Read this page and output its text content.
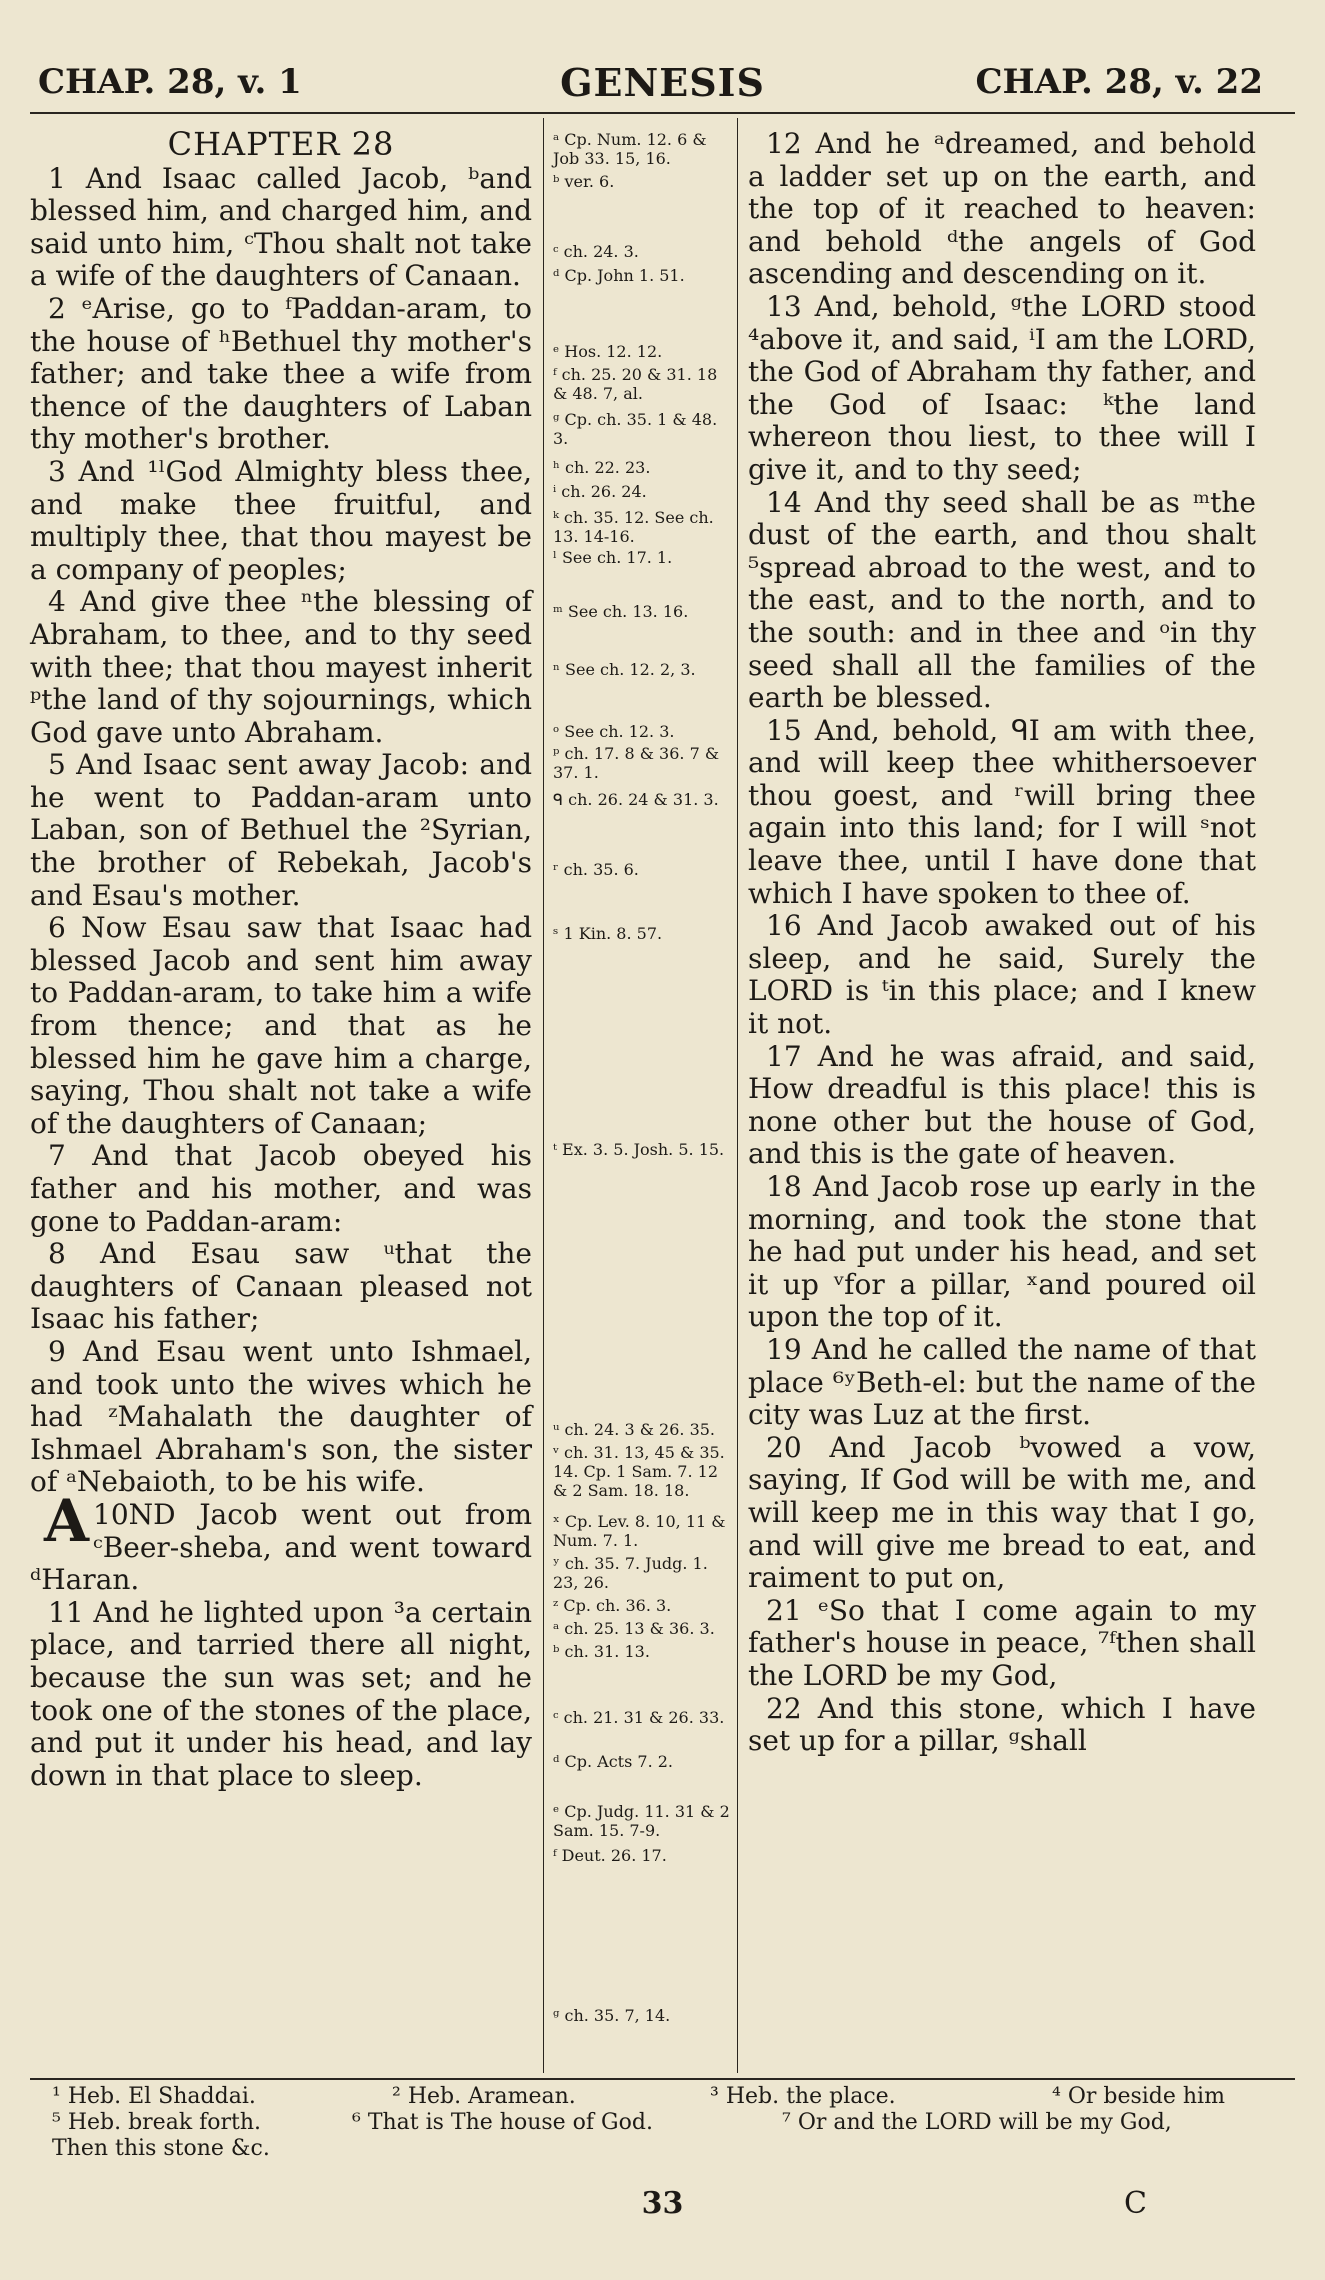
CHAP. 28, v. 1	GENESIS	CHAP. 28, v. 22
CHAPTER 28

1 And Isaac called Jacob, ᵇand blessed him, and charged him, and said unto him, ᶜThou shalt not take a wife of the daughters of Canaan.

2 ᵉArise, go to ᶠPaddan-aram, to the house of ʰBethuel thy mother's father; and take thee a wife from thence of the daughters of Laban thy mother's brother.

3 And ¹ˡGod Almighty bless thee, and make thee fruitful, and multiply thee, that thou mayest be a company of peoples;

4 And give thee ⁿthe blessing of Abraham, to thee, and to thy seed with thee; that thou mayest inherit ᵖthe land of thy sojournings, which God gave unto Abraham.

5 And Isaac sent away Jacob: and he went to Paddan-aram unto Laban, son of Bethuel the ²Syrian, the brother of Rebekah, Jacob's and Esau's mother.

6 Now Esau saw that Isaac had blessed Jacob and sent him away to Paddan-aram, to take him a wife from thence; and that as he blessed him he gave him a charge, saying, Thou shalt not take a wife of the daughters of Canaan;

7 And that Jacob obeyed his father and his mother, and was gone to Paddan-aram:

8 And Esau saw ᵘthat the daughters of Canaan pleased not Isaac his father;

9 And Esau went unto Ishmael, and took unto the wives which he had ᶻMahalath the daughter of Ishmael Abraham's son, the sister of ᵃNebaioth, to be his wife.

10
A ND Jacob went out from ᶜBeer-sheba, and went toward ᵈHaran.

11 And he lighted upon ³a certain place, and tarried there all night, because the sun was set; and he took one of the stones of the place, and put it under his head, and lay down in that place to sleep.

ᵃ Cp. Num. 12. 6 & Job 33. 15, 16.
ᵇ ver. 6.
ᶜ ch. 24. 3.
ᵈ Cp. John 1. 51.
ᵉ Hos. 12. 12.
ᶠ ch. 25. 20 & 31. 18 & 48. 7, al.
ᵍ Cp. ch. 35. 1 & 48. 3.
ʰ ch. 22. 23.
ⁱ ch. 26. 24.
ᵏ ch. 35. 12. See ch. 13. 14-16.
ˡ See ch. 17. 1.
ᵐ See ch. 13. 16.
ⁿ See ch. 12. 2, 3.
ᵒ See ch. 12. 3.
ᵖ ch. 17. 8 & 36. 7 & 37. 1.
ᑫ ch. 26. 24 & 31. 3.
ʳ ch. 35. 6.
ˢ 1 Kin. 8. 57.
ᵗ Ex. 3. 5. Josh. 5. 15.
ᵘ ch. 24. 3 & 26. 35.
ᵛ ch. 31. 13, 45 & 35. 14. Cp. 1 Sam. 7. 12 & 2 Sam. 18. 18.
ˣ Cp. Lev. 8. 10, 11 & Num. 7. 1.
ʸ ch. 35. 7. Judg. 1. 23, 26.
ᶻ Cp. ch. 36. 3.
ᵃ ch. 25. 13 & 36. 3.
ᵇ ch. 31. 13.
ᶜ ch. 21. 31 & 26. 33.
ᵈ Cp. Acts 7. 2.
ᵉ Cp. Judg. 11. 31 & 2 Sam. 15. 7-9.
ᶠ Deut. 26. 17.
ᵍ ch. 35. 7, 14.

12 And he ᵃdreamed, and behold a ladder set up on the earth, and the top of it reached to heaven: and behold ᵈthe angels of God ascending and descending on it.

13 And, behold, ᵍthe LORD stood ⁴above it, and said, ⁱI am the LORD, the God of Abraham thy father, and the God of Isaac: ᵏthe land whereon thou liest, to thee will I give it, and to thy seed;

14 And thy seed shall be as ᵐthe dust of the earth, and thou shalt ⁵spread abroad to the west, and to the east, and to the north, and to the south: and in thee and ᵒin thy seed shall all the families of the earth be blessed.

15 And, behold, ᑫI am with thee, and will keep thee whithersoever thou goest, and ʳwill bring thee again into this land; for I will ˢnot leave thee, until I have done that which I have spoken to thee of.

16 And Jacob awaked out of his sleep, and he said, Surely the LORD is ᵗin this place; and I knew it not.

17 And he was afraid, and said, How dreadful is this place! this is none other but the house of God, and this is the gate of heaven.

18 And Jacob rose up early in the morning, and took the stone that he had put under his head, and set it up ᵛfor a pillar, ˣand poured oil upon the top of it.

19 And he called the name of that place ⁶ʸBeth-el: but the name of the city was Luz at the first.

20 And Jacob ᵇvowed a vow, saying, If God will be with me, and will keep me in this way that I go, and will give me bread to eat, and raiment to put on,

21 ᵉSo that I come again to my father's house in peace, ⁷ᶠthen shall the LORD be my God,

22 And this stone, which I have set up for a pillar, ᵍshall

¹ Heb. El Shaddai.	² Heb. Aramean.	³ Heb. the place.	⁴ Or beside him
⁵ Heb. break forth.	⁶ That is The house of God.	⁷ Or and the LORD will be my God,
Then this stone &c.
33	C
